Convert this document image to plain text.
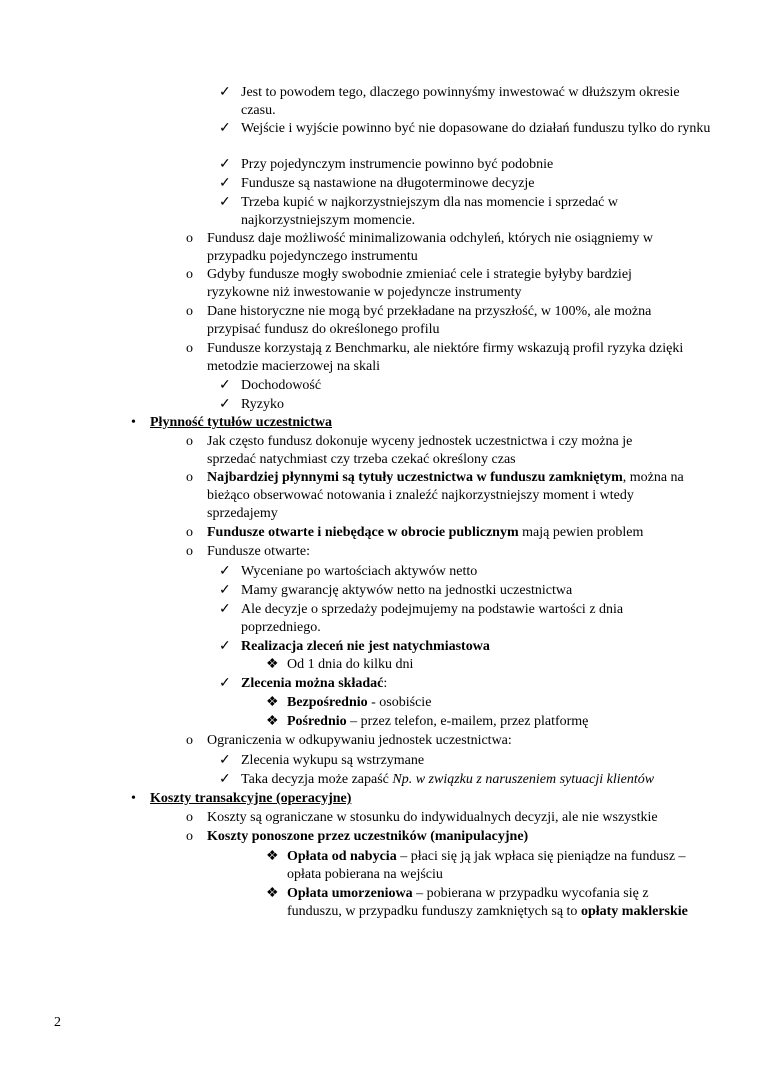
✓ Jest to powodem tego, dlaczego powinnyśmy inwestować w dłuższym okresie czasu.
✓ Wejście i wyjście powinno być nie dopasowane do działań funduszu tylko do rynku
✓ Przy pojedynczym instrumencie powinno być podobnie
✓ Fundusze są nastawione na długoterminowe decyzje
✓ Trzeba kupić w najkorzystniejszym dla nas momencie i sprzedać w najkorzystniejszym momencie.
o Fundusz daje możliwość minimalizowania odchyleń, których nie osiągniemy w przypadku pojedynczego instrumentu
o Gdyby fundusze mogły swobodnie zmieniać cele i strategie byłyby bardziej ryzykowne niż inwestowanie w pojedyncze instrumenty
o Dane historyczne nie mogą być przekładane na przyszłość, w 100%, ale można przypisać fundusz do określonego profilu
o Fundusze korzystają z Benchmarku, ale niektóre firmy wskazują profil ryzyka dzięki metodzie macierzowej na skali
✓ Dochodowość
✓ Ryzyko
• Płynność tytułów uczestnictwa
o Jak często fundusz dokonuje wyceny jednostek uczestnictwa i czy można je sprzedać natychmiast czy trzeba czekać określony czas
o Najbardziej płynnymi są tytuły uczestnictwa w funduszu zamkniętym, można na bieżąco obserwować notowania i znaleźć najkorzystniejszy moment i wtedy sprzedajemy
o Fundusze otwarte i niebędące w obrocie publicznym mają pewien problem
o Fundusze otwarte:
✓ Wyceniane po wartościach aktywów netto
✓ Mamy gwarancję aktywów netto na jednostki uczestnictwa
✓ Ale decyzje o sprzedaży podejmujemy na podstawie wartości z dnia poprzedniego.
✓ Realizacja zleceń nie jest natychmiastowa
❖ Od 1 dnia do kilku dni
✓ Zlecenia można składać:
❖ Bezpośrednio - osobiście
❖ Pośrednio – przez telefon, e-mailem, przez platformę
o Ograniczenia w odkupywaniu jednostek uczestnictwa:
✓ Zlecenia wykupu są wstrzymane
✓ Taka decyzja może zapaść Np. w związku z naruszeniem sytuacji klientów
• Koszty transakcyjne (operacyjne)
o Koszty są ograniczane w stosunku do indywidualnych decyzji, ale nie wszystkie
o Koszty ponoszone przez uczestników (manipulacyjne)
❖ Opłata od nabycia – płaci się ją jak wpłaca się pieniądze na fundusz – opłata pobierana na wejściu
❖ Opłata umorzeniowa – pobierana w przypadku wycofania się z funduszu, w przypadku funduszy zamkniętych są to opłaty maklerskie
2
